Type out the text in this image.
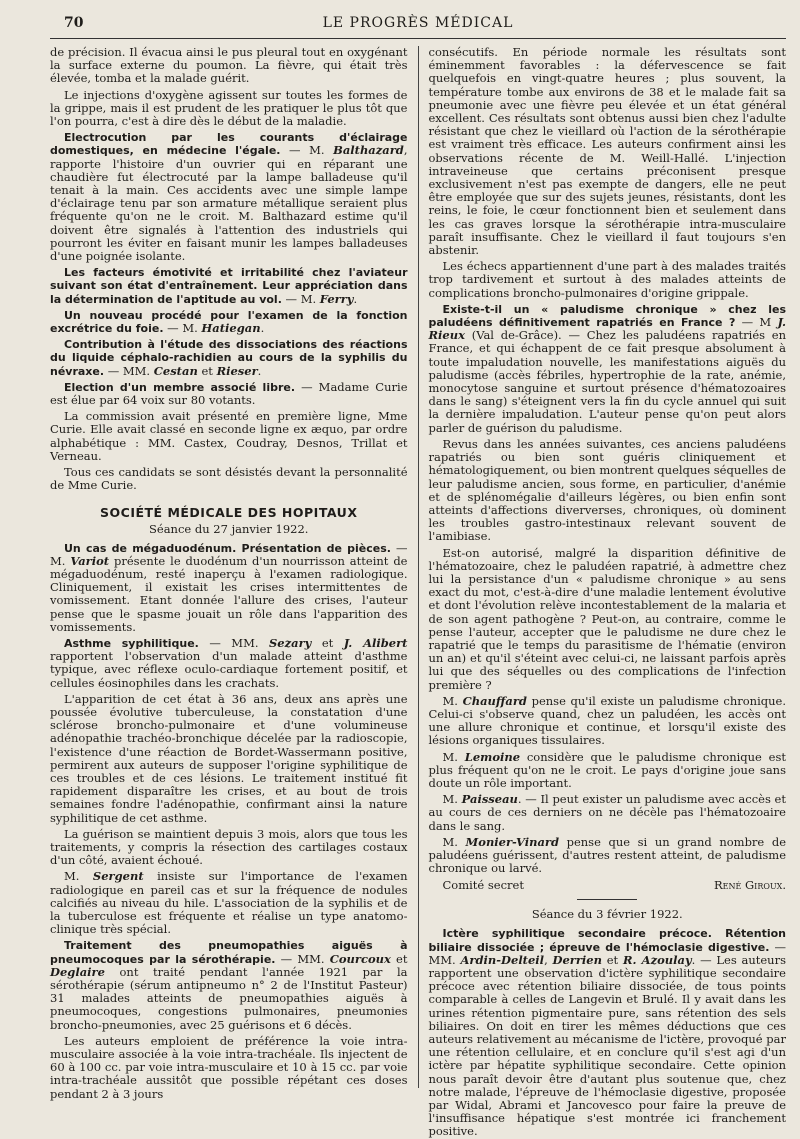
70	LE PROGRÈS MÉDICAL

de précision. Il évacua ainsi le pus pleural tout en oxygénant la surface externe du poumon. La fièvre, qui était très élevée, tomba et la malade guérit.

Le injections d'oxygène agissent sur toutes les formes de la grippe, mais il est prudent de les pratiquer le plus tôt que l'on pourra, c'est à dire dès le début de la maladie.

Electrocution par les courants d'éclairage domestiques, en médecine l'égale. — M. Balthazard, rapporte l'histoire d'un ouvrier qui en réparant une chaudière fut électrocuté par la lampe balladeuse qu'il tenait à la main. Ces accidents avec une simple lampe d'éclairage tenu par son armature métallique seraient plus fréquente qu'on ne le croit. M. Balthazard estime qu'il doivent être signalés à l'attention des industriels qui pourront les éviter en faisant munir les lampes balladeuses d'une poignée isolante.

Les facteurs émotivité et irritabilité chez l'aviateur suivant son état d'entraînement. Leur appréciation dans la détermination de l'aptitude au vol. — M. Ferry.

Un nouveau procédé pour l'examen de la fonction excrétrice du foie. — M. Hatiegan.

Contribution à l'étude des dissociations des réactions du liquide céphalo-rachidien au cours de la syphilis du névraxe. — MM. Cestan et Rieser.

Election d'un membre associé libre. — Madame Curie est élue par 64 voix sur 80 votants.

La commission avait présenté en première ligne, Mme Curie. Elle avait classé en seconde ligne ex æquo, par ordre alphabétique : MM. Castex, Coudray, Desnos, Trillat et Verneau.

Tous ces candidats se sont désistés devant la personnalité de Mme Curie.

SOCIÉTÉ MÉDICALE DES HOPITAUX
Séance du 27 janvier 1922.

Un cas de mégaduodénum. Présentation de pièces. — M. Variot présente le duodénum d'un nourrisson atteint de mégaduodénum, resté inaperçu à l'examen radiologique. Cliniquement, il existait les crises intermittentes de vomissement. Etant donnée l'allure des crises, l'auteur pense que le spasme jouait un rôle dans l'apparition des vomissements.

Asthme syphilitique. — MM. Sezary et J. Alibert rapportent l'observation d'un malade atteint d'asthme typique, avec réflexe oculo-cardiaque fortement positif, et cellules éosinophiles dans les crachats.

L'apparition de cet état à 36 ans, deux ans après une poussée évolutive tuberculeuse, la constatation d'une sclérose broncho-pulmonaire et d'une volumineuse adénopathie trachéo-bronchique décelée par la radioscopie, l'existence d'une réaction de Bordet-Wassermann positive, permirent aux auteurs de supposer l'origine syphilitique de ces troubles et de ces lésions. Le traitement institué fit rapidement disparaître les crises, et au bout de trois semaines fondre l'adénopathie, confirmant ainsi la nature syphilitique de cet asthme.

La guérison se maintient depuis 3 mois, alors que tous les traitements, y compris la résection des cartilages costaux d'un côté, avaient échoué.

M. Sergent insiste sur l'importance de l'examen radiologique en pareil cas et sur la fréquence de nodules calcifiés au niveau du hile. L'association de la syphilis et de la tuberculose est fréquente et réalise un type anatomo-clinique très spécial.

Traitement des pneumopathies aiguës à pneumocoques par la sérothérapie. — MM. Courcoux et Deglaire ont traité pendant l'année 1921 par la sérothérapie (sérum antipneumo n° 2 de l'Institut Pasteur) 31 malades atteints de pneumopathies aiguës à pneumocoques, congestions pulmonaires, pneumonies broncho-pneumonies, avec 25 guérisons et 6 décès.

Les auteurs emploient de préférence la voie intra-musculaire associée à la voie intra-trachéale. Ils injectent de 60 à 100 cc. par voie intra-musculaire et 10 à 15 cc. par voie intra-trachéale aussitôt que possible répétant ces doses pendant 2 à 3 jours

consécutifs. En période normale les résultats sont éminemment favorables : la défervescence se fait quelquefois en vingt-quatre heures ; plus souvent, la température tombe aux environs de 38 et le malade fait sa pneumonie avec une fièvre peu élevée et un état général excellent. Ces résultats sont obtenus aussi bien chez l'adulte résistant que chez le vieillard où l'action de la sérothérapie est vraiment très efficace. Les auteurs confirment ainsi les observations récente de M. Weill-Hallé. L'injection intraveineuse que certains préconisent presque exclusivement n'est pas exempte de dangers, elle ne peut être employée que sur des sujets jeunes, résistants, dont les reins, le foie, le cœur fonctionnent bien et seulement dans les cas graves lorsque la sérothérapie intra-musculaire paraît insuffisante. Chez le vieillard il faut toujours s'en abstenir.

Les échecs appartiennent d'une part à des malades traités trop tardivement et surtout à des malades atteints de complications broncho-pulmonaires d'origine grippale.

Existe-t-il un « paludisme chronique » chez les paludéens définitivement rapatriés en France ? — M J. Rieux (Val de-Grâce). — Chez les paludéens rapatriés en France, et qui échappent de ce fait presque absolument à toute impaludation nouvelle, les manifestations aiguës du paludisme (accès fébriles, hypertrophie de la rate, anémie, monocytose sanguine et surtout présence d'hématozoaires dans le sang) s'éteignent vers la fin du cycle annuel qui suit la dernière impaludation. L'auteur pense qu'on peut alors parler de guérison du paludisme.

Revus dans les années suivantes, ces anciens paludéens rapatriés ou bien sont guéris cliniquement et hématologiquement, ou bien montrent quelques séquelles de leur paludisme ancien, sous forme, en particulier, d'anémie et de splénomégalie d'ailleurs légères, ou bien enfin sont atteints d'affections diververses, chroniques, où dominent les troubles gastro-intestinaux relevant souvent de l'amibiase.

Est-on autorisé, malgré la disparition définitive de l'hématozoaire, chez le paludéen rapatrié, à admettre chez lui la persistance d'un « paludisme chronique » au sens exact du mot, c'est-à-dire d'une maladie lentement évolutive et dont l'évolution relève incontestablement de la malaria et de son agent pathogène ? Peut-on, au contraire, comme le pense l'auteur, accepter que le paludisme ne dure chez le rapatrié que le temps du parasitisme de l'hématie (environ un an) et qu'il s'éteint avec celui-ci, ne laissant parfois après lui que des séquelles ou des complications de l'infection première ?

M. Chauffard pense qu'il existe un paludisme chronique. Celui-ci s'observe quand, chez un paludéen, les accès ont une allure chronique et continue, et lorsqu'il existe des lésions organiques tissulaires.

M. Lemoine considère que le paludisme chronique est plus fréquent qu'on ne le croit. Le pays d'origine joue sans doute un rôle important.

M. Paisseau. — Il peut exister un paludisme avec accès et au cours de ces derniers on ne décèle pas l'hématozoaire dans le sang.

M. Monier-Vinard pense que si un grand nombre de paludéens guérissent, d'autres restent atteint, de paludisme chronique ou larvé.

Comité secret	René Giroux.
Séance du 3 février 1922.

Ictère syphilitique secondaire précoce. Rétention biliaire dissociée ; épreuve de l'hémoclasie digestive. — MM. Ardin-Delteil, Derrien et R. Azoulay. — Les auteurs rapportent une observation d'ictère syphilitique secondaire précoce avec rétention biliaire dissociée, de tous points comparable à celles de Langevin et Brulé. Il y avait dans les urines rétention pigmentaire pure, sans rétention des sels biliaires. On doit en tirer les mêmes déductions que ces auteurs relativement au mécanisme de l'ictère, provoqué par une rétention cellulaire, et en conclure qu'il s'est agi d'un ictère par hépatite syphilitique secondaire. Cette opinion nous paraît devoir être d'autant plus soutenue que, chez notre malade, l'épreuve de l'hémoclasie digestive, proposée par Widal, Abrami et Jancovesco pour faire la preuve de l'insuffisance hépatique s'est montrée ici franchement positive.
